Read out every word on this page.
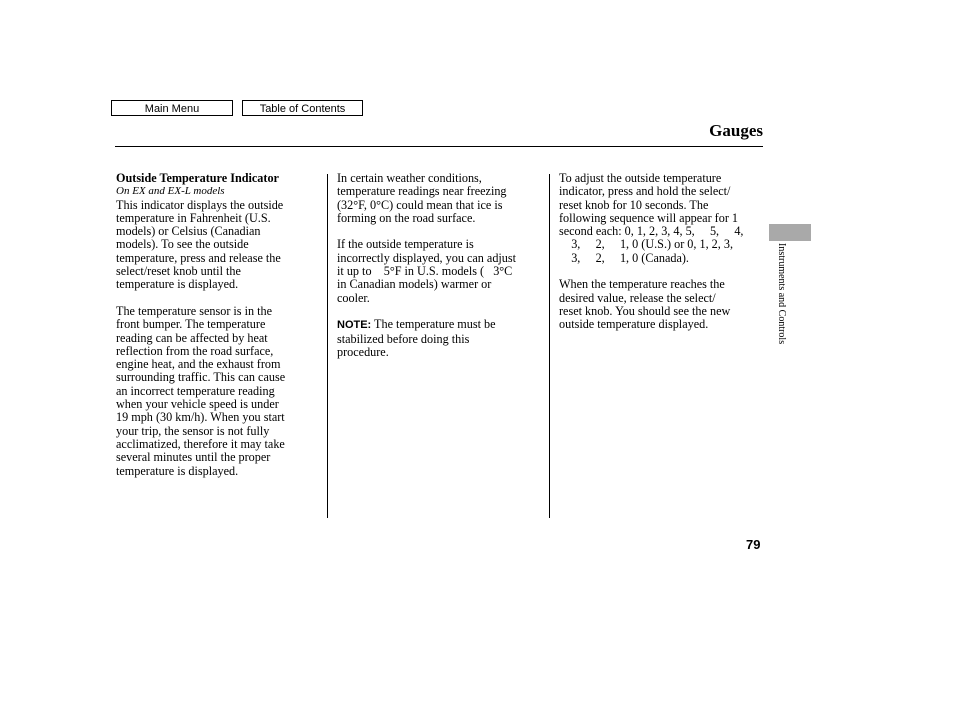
Main Menu	Table of Contents
Gauges

Outside Temperature Indicator

On EX and EX-L models

This indicator displays the outside

temperature in Fahrenheit (U.S.

models) or Celsius (Canadian

models). To see the outside

temperature, press and release the

select/reset knob until the

temperature is displayed.

The temperature sensor is in the

front bumper. The temperature

reading can be affected by heat

reflection from the road surface,

engine heat, and the exhaust from

surrounding traffic. This can cause

an incorrect temperature reading

when your vehicle speed is under

19 mph (30 km/h). When you start

your trip, the sensor is not fully

acclimatized, therefore it may take

several minutes until the proper

temperature is displayed.

In certain weather conditions,

temperature readings near freezing

(32°F, 0°C) could mean that ice is

forming on the road surface.

If the outside temperature is

incorrectly displayed, you can adjust

it up to    5°F in U.S. models (   3°C

in Canadian models) warmer or

cooler.

NOTE: The temperature must be

stabilized before doing this

procedure.

To adjust the outside temperature

indicator, press and hold the select/

reset knob for 10 seconds. The

following sequence will appear for 1

second each: 0, 1, 2, 3, 4, 5,     5,     4,

3,     2,     1, 0 (U.S.) or 0, 1, 2, 3,

3,     2,     1, 0 (Canada).

When the temperature reaches the

desired value, release the select/

reset knob. You should see the new

outside temperature displayed.	Instruments and Controls
79
